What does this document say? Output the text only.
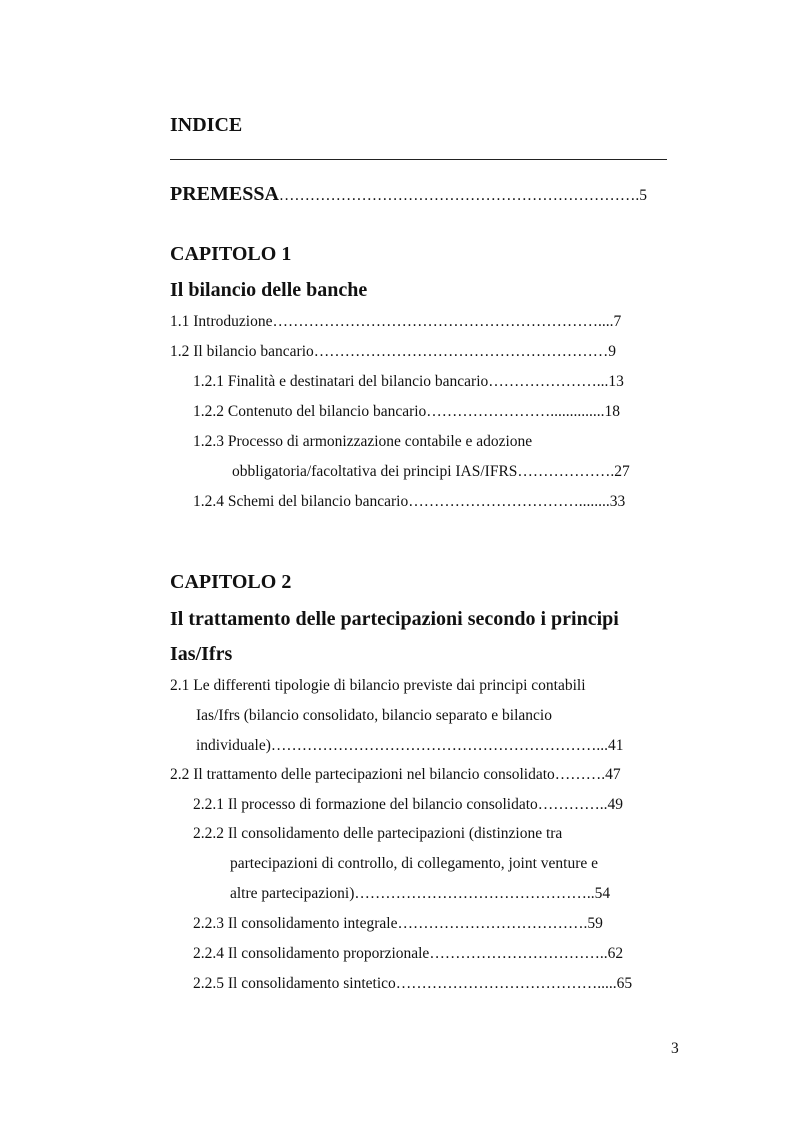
INDICE
PREMESSA…………………………………………………………….5
CAPITOLO 1
Il bilancio delle banche
1.1 Introduzione………………………………………………………....7
1.2 Il bilancio bancario…………………………………………………9
1.2.1 Finalità e destinatari del bilancio bancario…………………...13
1.2.2 Contenuto del bilancio bancario……………………..............18
1.2.3 Processo di armonizzazione contabile e adozione
obbligatoria/facoltativa dei principi IAS/IFRS……………….27
1.2.4 Schemi del bilancio bancario……………………………........33
CAPITOLO 2
Il trattamento delle partecipazioni secondo i principi
Ias/Ifrs
2.1 Le differenti tipologie di bilancio previste dai principi contabili
Ias/Ifrs (bilancio consolidato, bilancio separato e bilancio
individuale)………………………………………………………...41
2.2 Il trattamento delle partecipazioni nel bilancio consolidato……….47
2.2.1 Il processo di formazione del bilancio consolidato…………..49
2.2.2 Il consolidamento delle partecipazioni (distinzione tra
partecipazioni di controllo, di collegamento, joint venture e
altre partecipazioni)………………………………………..54
2.2.3 Il consolidamento integrale……………………………….59
2.2.4 Il consolidamento proporzionale……………………………..62
2.2.5 Il consolidamento sintetico………………………………….....65
3
